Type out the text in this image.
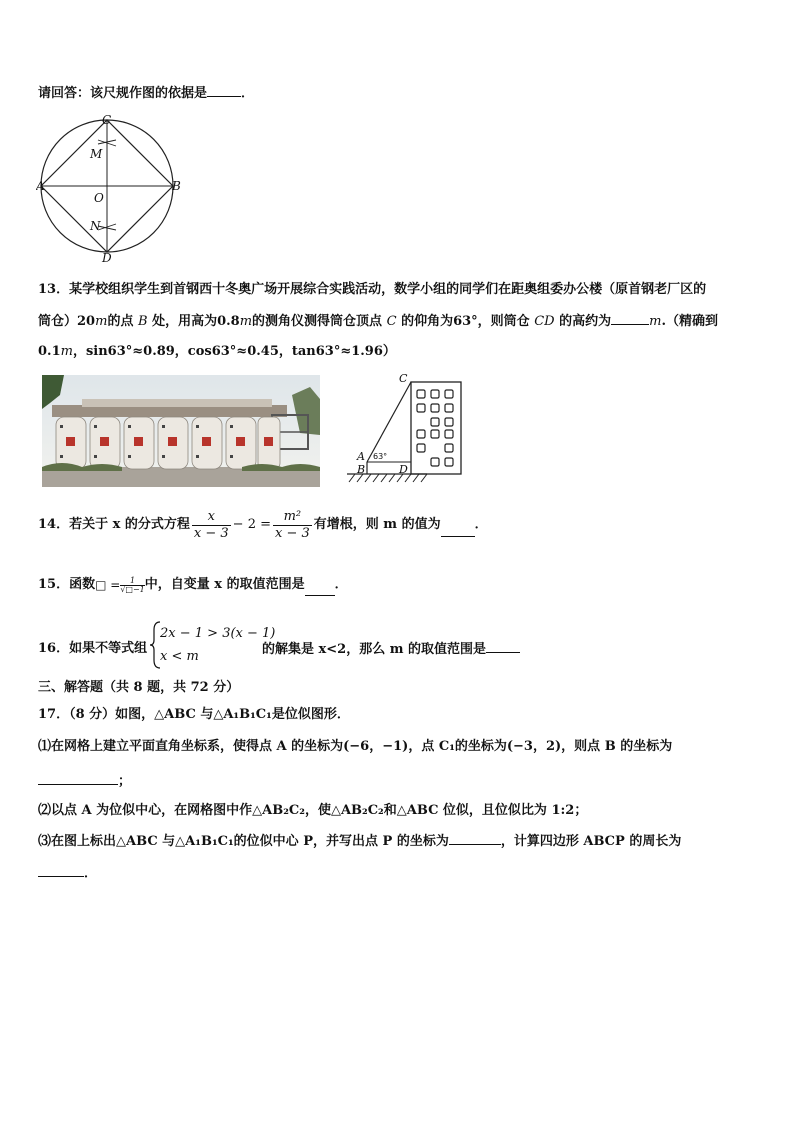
请回答：该尺规作图的依据是	．
C
M
A
O
B
N
D
13．某学校组织学生到首钢西十冬奥广场开展综合实践活动，数学小组的同学们在距奥组委办公楼（原首钢老厂区的
筒仓）20m的点 B 处，用高为0.8m的测角仪测得筒仓顶点 C 的仰角为63°，则筒仓 CD 的高约为	m.（精确到
0.1m，sin63°≈0.89，cos63°≈0.45，tan63°≈1.96）
C
A
B	D
63°
14．若关于 x 的分式方程 $\frac{x}{x - 3} - 2 = \frac{\text{m²}}{x - 3}$ 有增根，则 m 的值为	．
15．函数 □ = $\frac{1}{√□-1}$ 中，自变量 x 的取值范围是 ．
16．如果不等式组
2x − 1 > 3(x − 1)
x < m	的解集是 x<2，那么 m 的取值范围是
三、解答题（共 8 题，共 72 分）
17．（8 分）如图，△ABC 与△A₁B₁C₁是位似图形．
⑴在网格上建立平面直角坐标系，使得点 A 的坐标为(−6，−1)，点 C₁的坐标为(−3，2)，则点 B 的坐标为
；
⑵以点 A 为位似中心，在网格图中作△AB₂C₂，使△AB₂C₂和△ABC 位似，且位似比为 1:2；
⑶在图上标出△ABC 与△A₁B₁C₁的位似中心 P，并写出点 P 的坐标为	，计算四边形 ABCP 的周长为
．
